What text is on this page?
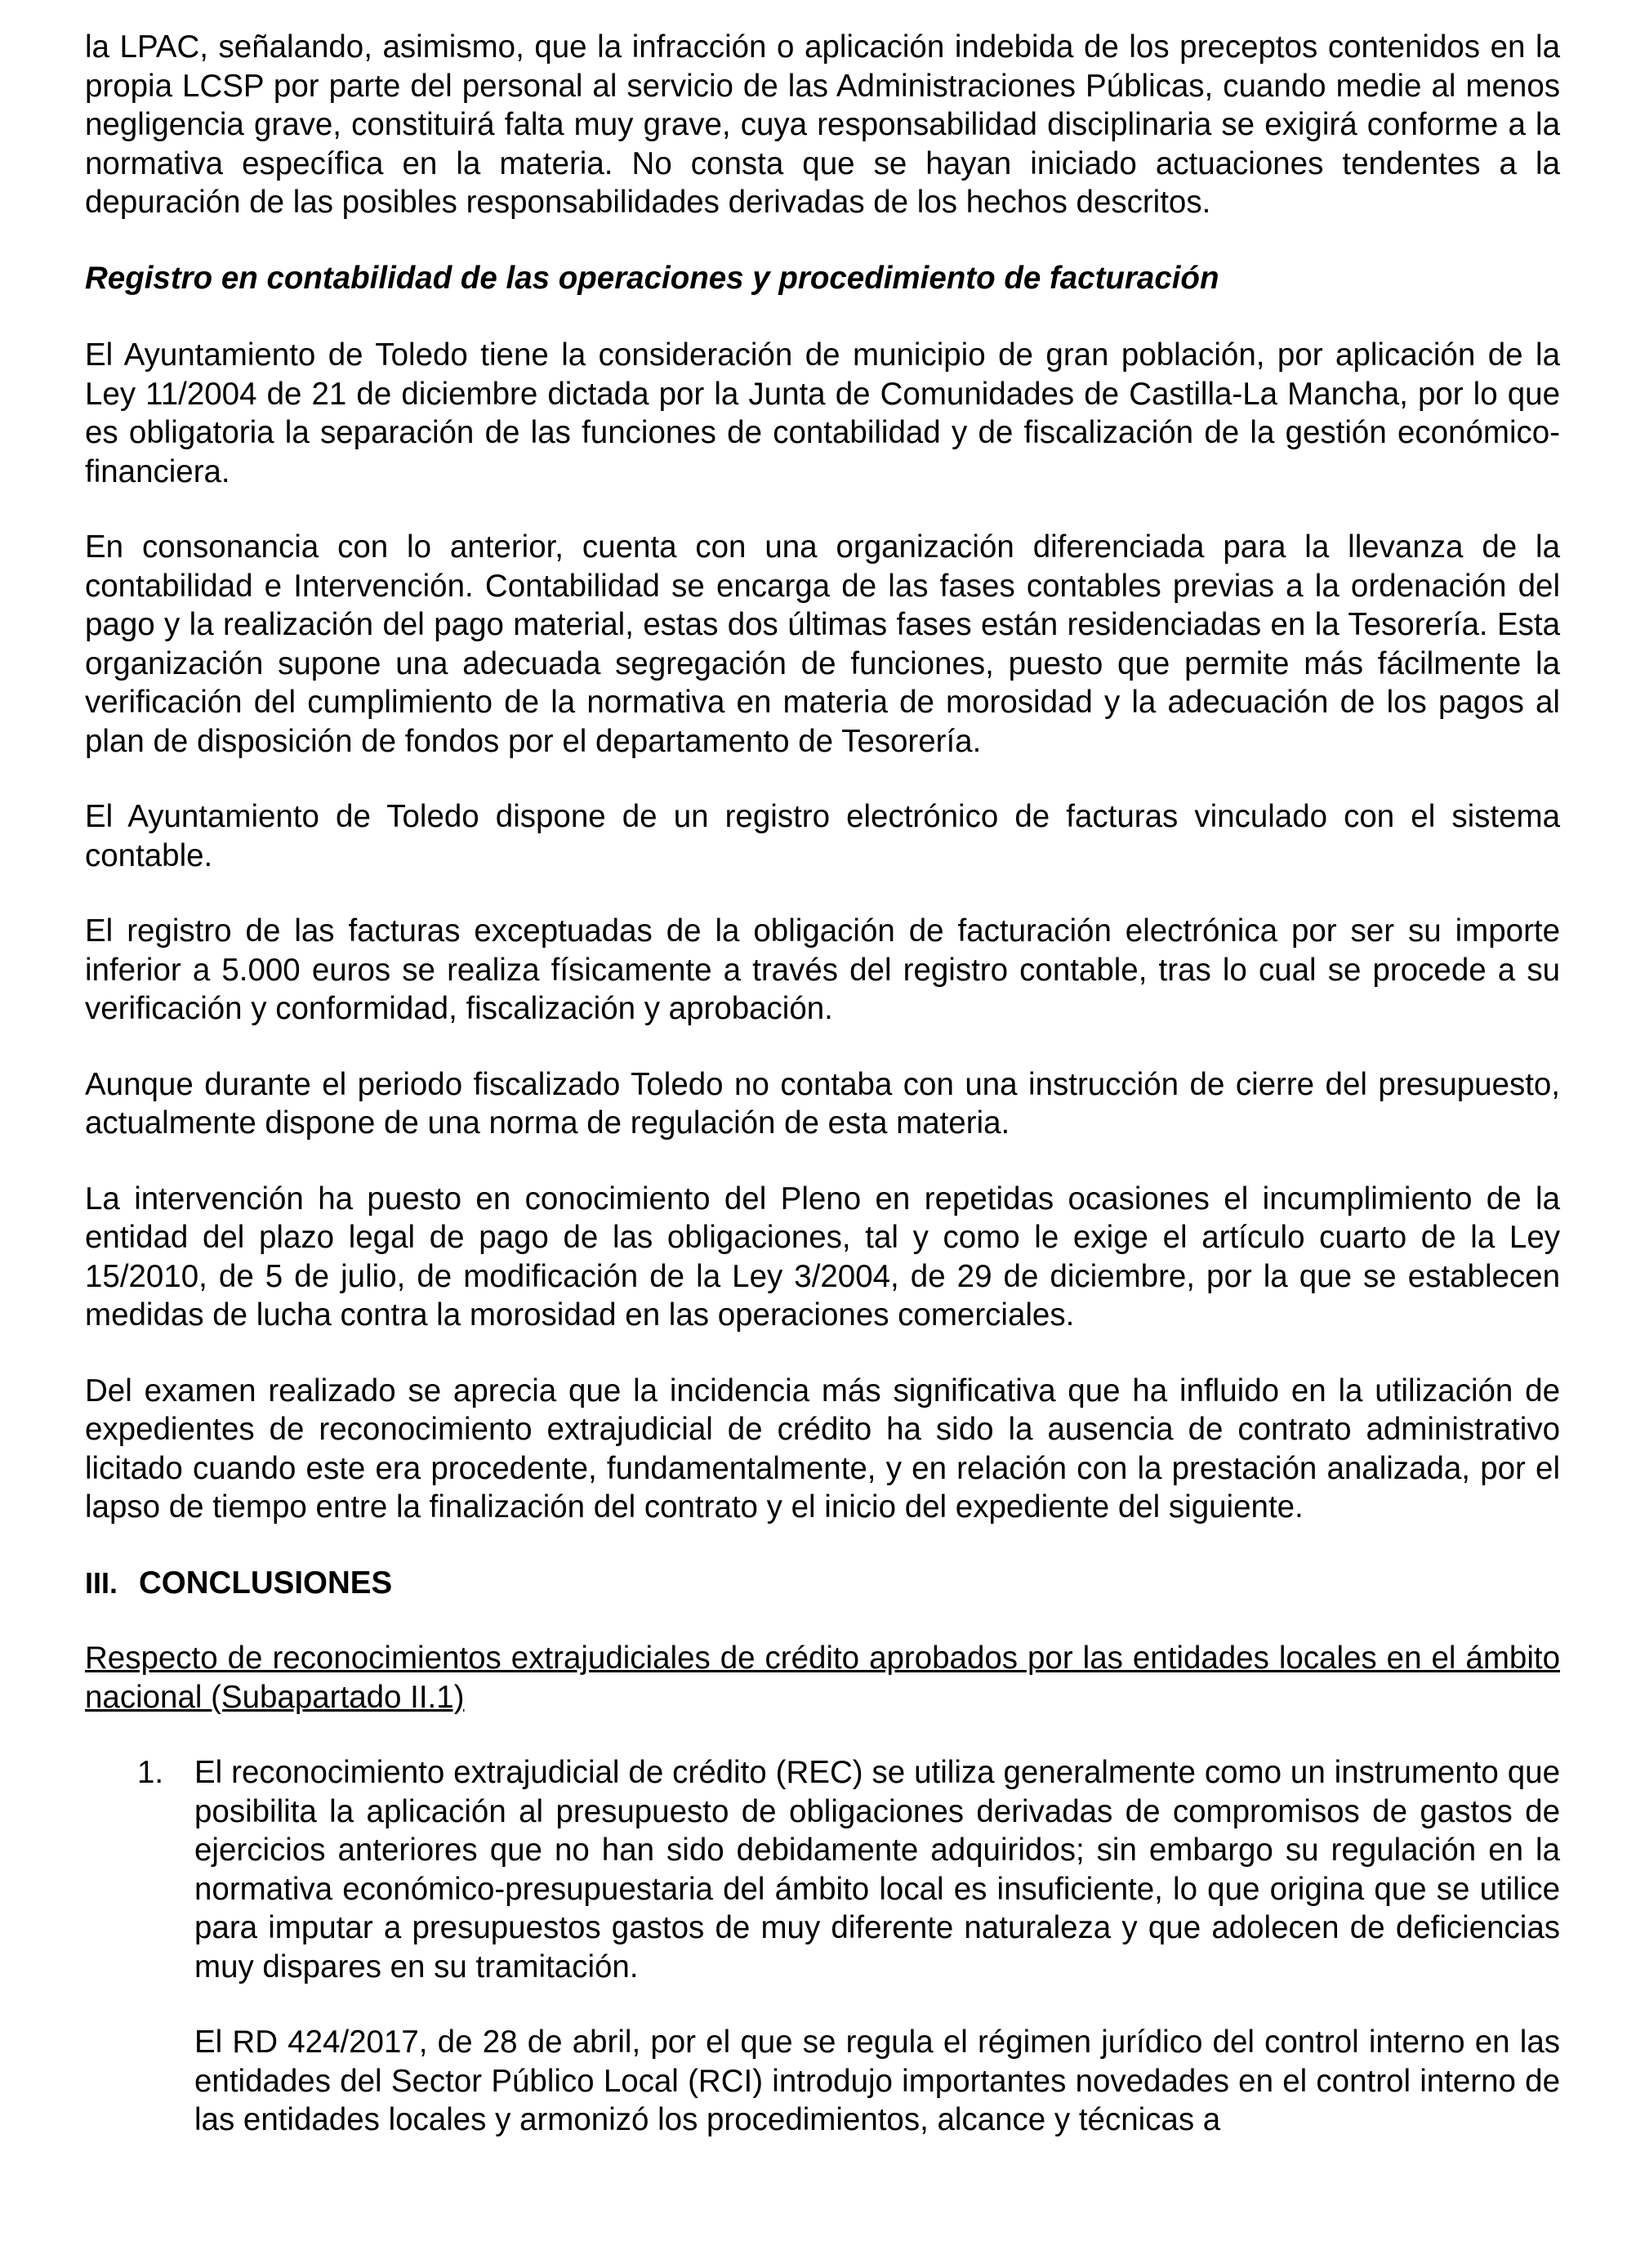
la LPAC, señalando, asimismo, que la infracción o aplicación indebida de los preceptos contenidos en la propia LCSP por parte del personal al servicio de las Administraciones Públicas, cuando medie al menos negligencia grave, constituirá falta muy grave, cuya responsabilidad disciplinaria se exigirá conforme a la normativa específica en la materia. No consta que se hayan iniciado actuaciones tendentes a la depuración de las posibles responsabilidades derivadas de los hechos descritos.

Registro en contabilidad de las operaciones y procedimiento de facturación

El Ayuntamiento de Toledo tiene la consideración de municipio de gran población, por aplicación de la Ley 11/2004 de 21 de diciembre dictada por la Junta de Comunidades de Castilla-La Mancha, por lo que es obligatoria la separación de las funciones de contabilidad y de fiscalización de la gestión económico-financiera.

En consonancia con lo anterior, cuenta con una organización diferenciada para la llevanza de la contabilidad e Intervención. Contabilidad se encarga de las fases contables previas a la ordenación del pago y la realización del pago material, estas dos últimas fases están residenciadas en la Tesorería. Esta organización supone una adecuada segregación de funciones, puesto que permite más fácilmente la verificación del cumplimiento de la normativa en materia de morosidad y la adecuación de los pagos al plan de disposición de fondos por el departamento de Tesorería.

El Ayuntamiento de Toledo dispone de un registro electrónico de facturas vinculado con el sistema contable.

El registro de las facturas exceptuadas de la obligación de facturación electrónica por ser su importe inferior a 5.000 euros se realiza físicamente a través del registro contable, tras lo cual se procede a su verificación y conformidad, fiscalización y aprobación.

Aunque durante el periodo fiscalizado Toledo no contaba con una instrucción de cierre del presupuesto, actualmente dispone de una norma de regulación de esta materia.

La intervención ha puesto en conocimiento del Pleno en repetidas ocasiones el incumplimiento de la entidad del plazo legal de pago de las obligaciones, tal y como le exige el artículo cuarto de la Ley 15/2010, de 5 de julio, de modificación de la Ley 3/2004, de 29 de diciembre, por la que se establecen medidas de lucha contra la morosidad en las operaciones comerciales.

Del examen realizado se aprecia que la incidencia más significativa que ha influido en la utilización de expedientes de reconocimiento extrajudicial de crédito ha sido la ausencia de contrato administrativo licitado cuando este era procedente, fundamentalmente, y en relación con la prestación analizada, por el lapso de tiempo entre la finalización del contrato y el inicio del expediente del siguiente.

III. CONCLUSIONES

Respecto de reconocimientos extrajudiciales de crédito aprobados por las entidades locales en el ámbito nacional (Subapartado II.1)

1. El reconocimiento extrajudicial de crédito (REC) se utiliza generalmente como un instrumento que posibilita la aplicación al presupuesto de obligaciones derivadas de compromisos de gastos de ejercicios anteriores que no han sido debidamente adquiridos; sin embargo su regulación en la normativa económico-presupuestaria del ámbito local es insuficiente, lo que origina que se utilice para imputar a presupuestos gastos de muy diferente naturaleza y que adolecen de deficiencias muy dispares en su tramitación.

El RD 424/2017, de 28 de abril, por el que se regula el régimen jurídico del control interno en las entidades del Sector Público Local (RCI) introdujo importantes novedades en el control interno de las entidades locales y armonizó los procedimientos, alcance y técnicas a
